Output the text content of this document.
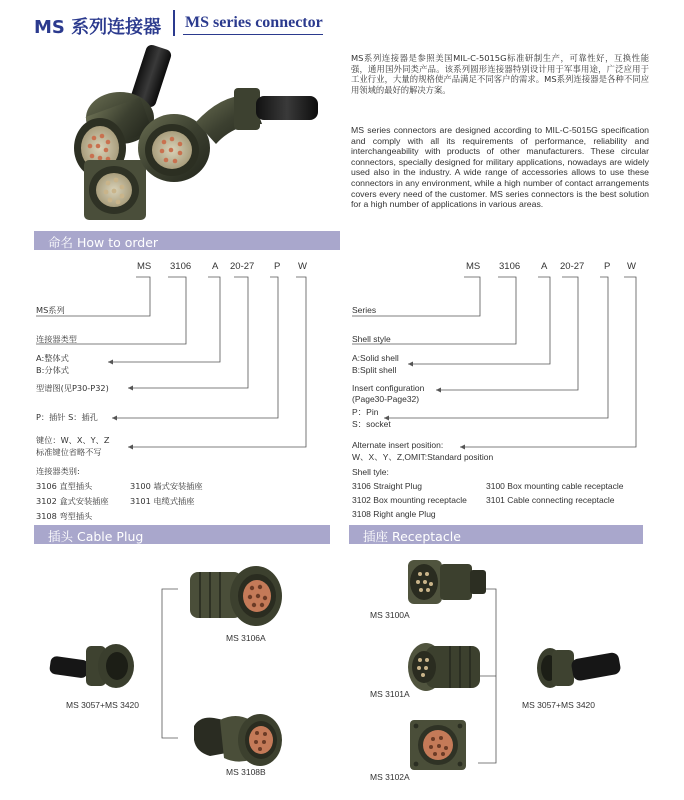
MS 系列连接器 MS series connector
MS系列连接器是参照美国MIL-C-5015G标准研制生产，可靠性好，互换性能强，通用国外同类产品。该系列圆形连接器特别设计用于军事用途，广泛应用于工业行业，大量的规格使产品满足不同客户的需求。MS系列连接器是各种不同应用领域的最好的解决方案。
MS series connectors are designed according to MIL-C-5015G specification and comply with all its requirements of performance, reliability and interchangeability with products of other manufacturers. These circular connectors, specially designed for military applications, nowadays are widely used also in the industry. A wide range of accessories allows to use these connectors in any environment, while a high number of contact arrangements covers every need of the customer. MS series connectors is the best solution for a high number of applications in various areas.
命名 How to order
MS 3106 A 20-27 P W	MS 3106 A 20-27 P W
MS系列
连接器类型
A:整体式
B:分体式
型谱图(见P30-P32)
P：插针 S：插孔
键位：W、X、Y、Z
标准键位省略不写
连接器类别:
3106 直型插头	3100 墙式安装插座
3102 盒式安装插座	3101 电缆式插座
3108 弯型插头
Series
Shell style
A:Solid shell
B:Split shell
Insert configuration
(Page30-Page32)
P：Pin
S：socket
Alternate insert position:
W、X、Y、Z,OMIT:Standard position
Shell tyle:
3106 Straight Plug	3100 Box mounting cable receptacle
3102 Box mounting receptacle 3101 Cable connecting receptacle
3108 Right angle Plug
插头 Cable Plug	插座 Receptacle
MS 3057+MS 3420
MS 3106A
MS 3108B
MS 3100A
MS 3101A
MS 3102A
MS 3057+MS 3420
